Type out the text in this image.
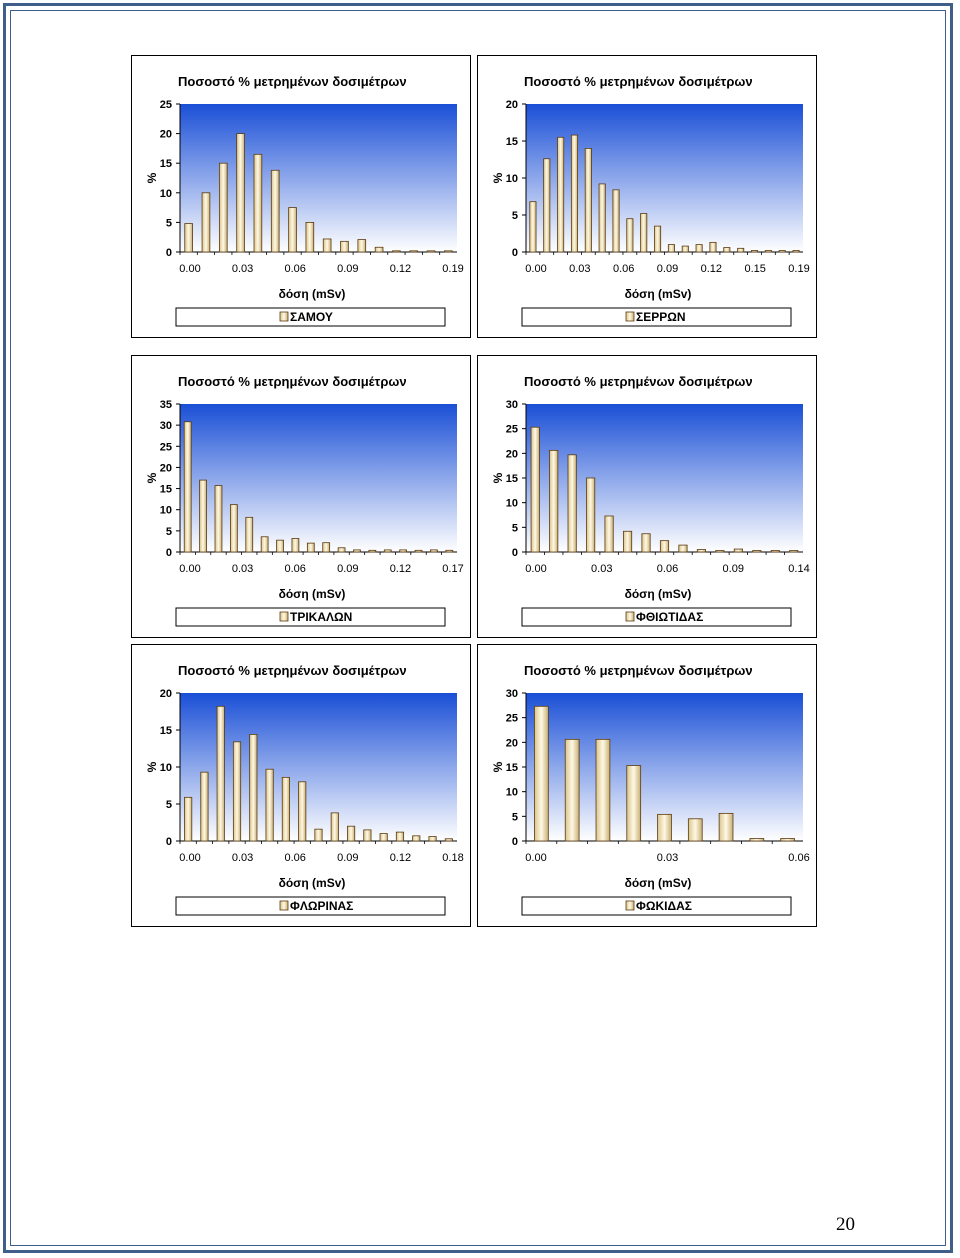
Ποσοστό % μετρημένων δοσιμέτρων
0
5
10
15
20
25
%
0.00	0.03	0.06	0.09	0.12	0.19
δόση (mSv)
ΣΑΜΟΥ
Ποσοστό % μετρημένων δοσιμέτρων
0
5
10
15
20
%
0.00 0.03 0.06 0.09 0.12 0.15 0.19
δόση (mSv)
ΣΕΡΡΩΝ
Ποσοστό % μετρημένων δοσιμέτρων
0
5
10
15
20
25
30
35
%
0.00	0.03	0.06	0.09	0.12	0.17
δόση (mSv)
ΤΡΙΚΑΛΩΝ
Ποσοστό % μετρημένων δοσιμέτρων
0
5
10
15
20
25
30
%
0.00	0.03	0.06	0.09	0.14
δόση (mSv)
ΦΘΙΩΤΙΔΑΣ
Ποσοστό % μετρημένων δοσιμέτρων
0
5
10
15
20
%
0.00	0.03	0.06	0.09	0.12	0.18
δόση (mSv)
ΦΛΩΡΙΝΑΣ
Ποσοστό % μετρημένων δοσιμέτρων
0
5
10
15
20
25
30
%
0.00	0.03	0.06
δόση (mSv)
ΦΩΚΙΔΑΣ
20
